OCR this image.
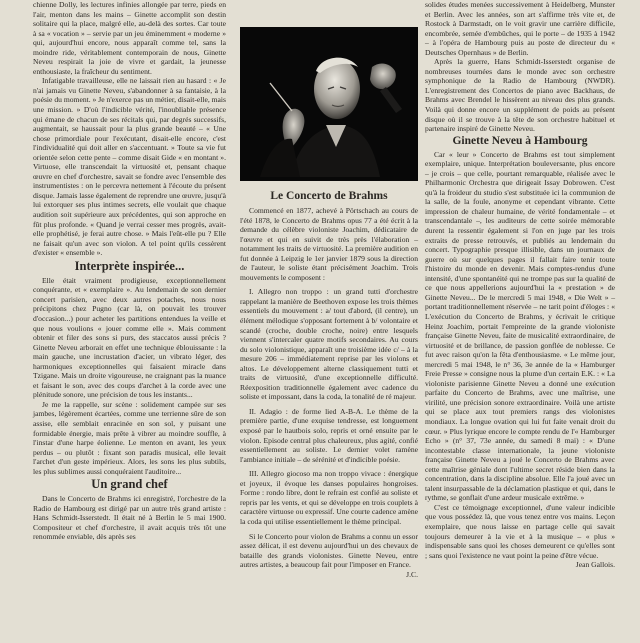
chienne Dolly, les lectures infinies allongée par terre, pieds en l'air, menton dans les mains – Ginette accomplit son destin solitaire qui la place, malgré elle, au-delà des sortes. Car toute à sa « vocation » – servie par un jeu éminemment « moderne » qui, aujourd'hui encore, nous apparaît comme tel, sans la moindre ride, véritablement contemporain de nous, Ginette Neveu respirait la joie de vivre et gardait, la jeunesse enthousiaste, la fraîcheur du sentiment.

Infatigable travailleuse, elle ne laissait rien au hasard : « Je n'ai jamais vu Ginette Neveu, s'abandonner à sa fantaisie, à la poésie du moment. » Je n'exerce pas un métier, disait-elle, mais une mission. » D'où l'indicible vérité, l'inoubliable présence qui émane de chacun de ses récitals qui, par degrés successifs, augmentait, se haussait pour la plus grande beauté – « Une chose primordiale pour l'exécutant, disait-elle encore, c'est l'individualité qui doit aller en s'accentuant. » Toute sa vie fut orientée selon cette pente – comme disait Gide « en montant ». Virtuose, elle transcendait la virtuosité et, pensant chaque œuvre en chef d'orchestre, savait se fondre avec l'ensemble des instrumentistes : on le percevra nettement à l'écoute du présent disque. Jamais lasse également de reprendre une œuvre, jusqu'à lui extorquer ses plus intimes secrets, elle voulait que chaque audition soit supérieure aux précédentes, qui son approche en fût plus profonde. « Quand je verrai cesser mes progrès, avait-elle prophétisé, je ferai autre chose. » Mais l'eût-elle pu ? Elle ne faisait qu'un avec son violon. A tel point qu'ils cessèrent d'exister « ensemble ».

Interprète inspirée...

Elle était vraiment prodigieuse, exceptionnellement conquérante, et « exemplaire ». Au lendemain de son dernier concert parisien, avec deux autres potaches, nous nous précipitons chez Pugno (car là, on pouvait les trouver d'occasion...) pour acheter les partitions entendues la veille et que nous voulions « jouer comme elle ». Mais comment obtenir et filer des sons si purs, des staccatos aussi précis ? Ginette Neveu arborait en effet une technique éblouissante : la main gauche, une incrustation d'acier, un vibrato léger, des harmoniques exceptionnelles qui faisaient miracle dans Tzigane. Mais un droite vigoureuse, ne craignant pas la nuance et faisant le son, avec des coups d'archet à la corde avec une plénitude sonore, une précision de tous les instants...

Je me la rappelle, sur scène : solidement campée sur ses jambes, légèrement écartées, comme une terrienne sûre de son assise, elle semblait enracinée en son sol, y puisant une formidable énergie, mais prête à vibrer au moindre souffle, à l'instar d'une harpe éolienne. Le menton en avant, les yeux perdus – ou plutôt : fixant son paradis musical, elle levait l'archet d'un geste impérieux. Alors, les sons les plus subtils, les plus sublimes aussi conquéraient l'auditoire...

Un grand chef

Dans le Concerto de Brahms ici enregistré, l'orchestre de la Radio de Hambourg est dirigé par un autre très grand artiste : Hans Schmidt-Isserstedt. Il était né à Berlin le 5 mai 1900. Compositeur et chef d'orchestre, il avait acquis très tôt une renommée enviable, dès après ses

Le Concerto de Brahms

Commencé en 1877, achevé à Pörtschach au cours de l'été 1878, le Concerto de Brahms opus 77 a été écrit à la demande du célèbre violoniste Joachim, dédicataire de l'œuvre et qui en suivit de très près l'élaboration – notamment les traits de virtuosité. La première audition en fut donnée à Leipzig le 1er janvier 1879 sous la direction de l'auteur, le soliste étant précisément Joachim. Trois mouvements le composent :

I. Allegro non troppo : un grand tutti d'orchestre rappelant la manière de Beethoven expose les trois thèmes essentiels du mouvement : a/ tout d'abord, (il centre), un élément mélodique s'opposant fortement à b/ volontaire et scandé (croche, double croche, noire) entre lesquels viennent s'intercaler quatre motifs secondaires. Au cours du solo violonistique, apparaît une troisième idée c/ – à la mesure 206 – immédiatement reprise par les violons et altos. Le développement alterne classiquement tutti et traits de virtuosité, d'une exceptionnelle difficulté. Réexposition traditionnelle également avec cadence du soliste et impossant, dans la coda, la tonalité de ré majeur.

II. Adagio : de forme lied A-B-A. Le thème de la première partie, d'une exquise tendresse, est longuement exposé par le hautbois solo, repris et orné ensuite par le violon. Episode central plus chaleureux, plus agité, confié essentiellement au soliste. Le dernier volet ramène l'ambiance initiale – de sérénité et d'indicible poésie.

III. Allegro giocoso ma non troppo vivace : énergique et joyeux, il évoque les danses populaires hongroises. Forme : rondo libre, dont le refrain est confié au soliste et repris par les vents, et qui se développe en trois couplets à caractère virtuose ou expressif. Une courte cadence amène la coda qui utilise essentiellement le thème principal.

Si le Concerto pour violon de Brahms a connu un essor assez délicat, il est devenu aujourd'hui un des chevaux de bataille des grands violonistes. Ginette Neveu, entre autres artistes, a beaucoup fait pour l'imposer en France.

J.C.

solides études menées successivement à Heidelberg, Munster et Berlin. Avec les années, son art s'affirme très vite et, de Rostock à Darmstadt, on le voit gravir une carrière difficile, encombrée, semée d'embûches, qui le porte – de 1935 à 1942 – à l'opéra de Hambourg puis au poste de directeur du « Deutsches Opernhaus » de Berlin.

Après la guerre, Hans Schmidt-Isserstedt organise de nombreuses tournées dans le monde avec son orchestre symphonique de la Radio de Hambourg (NWDR). L'enregistrement des Concertos de piano avec Backhaus, de Brahms avec Brendel le hissèrent au niveau des plus grands. Voilà qui donne encore un supplément de poids au présent disque où il se trouve à la tête de son orchestre habituel et partenaire inspiré de Ginette Neveu.

Ginette Neveu à Hambourg

Car « leur » Concerto de Brahms est tout simplement exemplaire, unique. Interprétation bouleversante, plus encore – je crois – que celle, pourtant remarquable, réalisée avec le Philharmonic Orchestra que dirigeait Issay Dobrowen. C'est qu'à la froideur du studio s'est substituée ici la communion de la salle, de la foule, anonyme et cependant vibrante. Cette impression de chaleur humaine, de vérité fondamentale – et transcendantale –, les auditeurs de cette soirée mémorable durent la ressentir également si l'on en juge par les trois extraits de presse retrouvés, et publiés au lendemain du concert. Typographie presque illisible, dans un journaux de guerre où sur quelques pages il fallait faire tenir toute l'histoire du monde en devenir. Mais comptes-rendus d'une intensité, d'une spontanéité qui ne trompe pas sur la qualité de ce que nous appellerions aujourd'hui la « prestation » de Ginette Neveu... De le mercredi 5 mai 1948, « Die Welt » – portant traditionnellement réservée – ne tarit point d'éloges : « L'exécution du Concerto de Brahms, y écrivait le critique Heinz Joachim, portait l'empreinte de la grande violoniste française Ginette Neveu, faite de musicalité extraordinaire, de virtuosité et de brillance, de passion gonflée de noblesse. Ce fut avec raison qu'on la fêta d'enthousiasme. « Le même jour, mercredi 5 mai 1948, le n° 36, 3e année de la « Hamburger Freie Presse » consigne nous la plume d'un certain E.K. : « La violoniste parisienne Ginette Neveu a donné une exécution parfaite du Concerto de Brahms, avec une maîtrise, une virilité, une précision sonore extraordinaire. Voilà une artiste qui se place aux tout premiers rangs des violonistes mondiaux. La longue ovation qui lui fut faite venait droit du cœur. » Plus lyrique encore le compte rendu de l'« Hamburger Echo » (n° 37, 73e année, du samedi 8 mai) : « D'une incontestable classe internationale, la jeune violoniste française Ginette Neveu a joué le Concerto de Brahms avec cette maîtrise géniale dont l'ultime secret réside bien dans la concentration, dans la discipline absolue. Elle l'a joué avec un talent insurpassable de la déclamation plastique et qui, dans le rythme, se gonflait d'une ardeur musicale extrême. »

C'est ce témoignage exceptionnel, d'une valeur indicible que vous possédez là, que vous tenez entre vos mains. Leçon exemplaire, que nous laisse en partage celle qui savait toujours demeurer à la vie et à la musique – « plus » indispensable sans quoi les choses demeurent ce qu'elles sont ; sans quoi l'existence ne vaut point la peine d'être vécue.

Jean Gallois.
